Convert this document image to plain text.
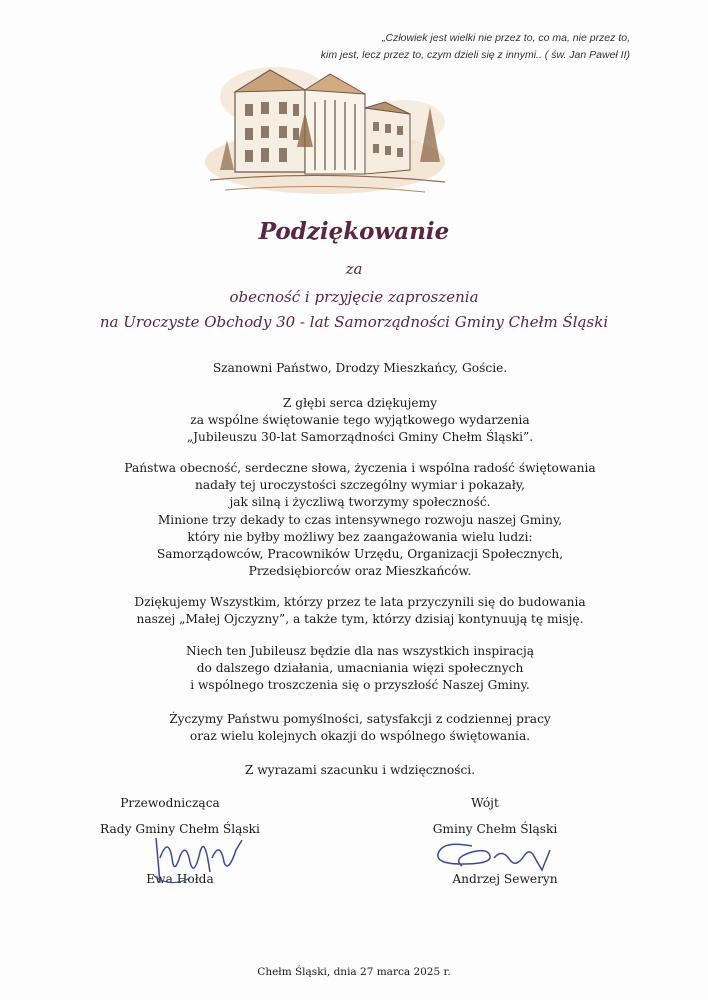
„Człowiek jest wielki nie przez to, co ma, nie przez to,
kim jest, lecz przez to, czym dzieli się z innymi.. ( św. Jan Paweł II)
Podziękowanie
za
obecność i przyjęcie zaproszenia
na Uroczyste Obchody 30 - lat Samorządności Gminy Chełm Śląski
Szanowni Państwo, Drodzy Mieszkańcy, Goście.
Z głębi serca dziękujemy
za wspólne świętowanie tego wyjątkowego wydarzenia
„Jubileuszu 30-lat Samorządności Gminy Chełm Śląski”.
Państwa obecność, serdeczne słowa, życzenia i wspólna radość świętowania
nadały tej uroczystości szczególny wymiar i pokazały,
jak silną i życzliwą tworzymy społeczność.
Minione trzy dekady to czas intensywnego rozwoju naszej Gminy,
który nie byłby możliwy bez zaangażowania wielu ludzi:
Samorządowców, Pracowników Urzędu, Organizacji Społecznych,
Przedsiębiorców oraz Mieszkańców.
Dziękujemy Wszystkim, którzy przez te lata przyczynili się do budowania
naszej „Małej Ojczyzny”, a także tym, którzy dzisiaj kontynuują tę misję.
Niech ten Jubileusz będzie dla nas wszystkich inspiracją
do dalszego działania, umacniania więzi społecznych
i wspólnego troszczenia się o przyszłość Naszej Gminy.
Życzymy Państwu pomyślności, satysfakcji z codziennej pracy
oraz wielu kolejnych okazji do wspólnego świętowania.
Z wyrazami szacunku i wdzięczności.
Przewodnicząca
Rady Gminy Chełm Śląski
Ewa Hołda
Wójt
Gminy Chełm Śląski
Andrzej Seweryn
Chełm Śląski, dnia 27 marca 2025 r.
